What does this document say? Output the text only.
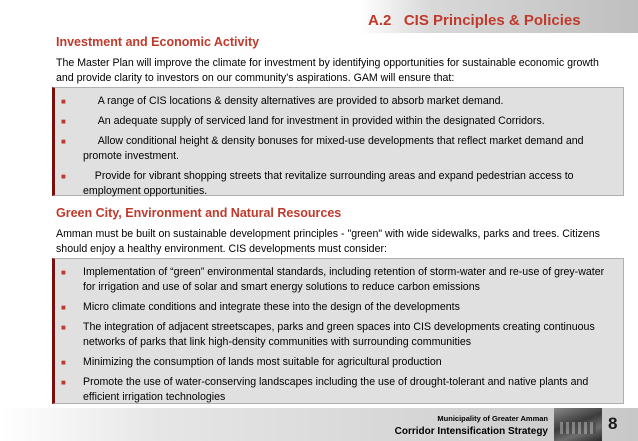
A.2   CIS Principles & Policies
Investment and Economic Activity
The Master Plan will improve the climate for investment by identifying opportunities for sustainable economic growth and provide clarity to investors on our community's aspirations. GAM will ensure that:
■	A range of CIS locations & density alternatives are provided to absorb market demand.
■	An adequate supply of serviced land for investment in provided within the designated Corridors.
■	Allow conditional height & density bonuses for mixed-use developments that reflect market demand and promote investment.
■	Provide for vibrant shopping streets that revitalize surrounding areas and expand pedestrian access to employment opportunities.
Green City, Environment and Natural Resources
Amman must be built on sustainable development principles - "green" with wide sidewalks, parks and trees. Citizens should enjoy a healthy environment. CIS developments must consider:
■	Implementation of “green” environmental standards, including retention of storm-water and re-use of grey-water for irrigation and use of solar and smart energy solutions to reduce carbon emissions
■	Micro climate conditions and integrate these into the design of the developments
■	The integration of adjacent streetscapes, parks and green spaces into CIS developments creating continuous networks of parks that link high-density communities with surrounding communities
■	Minimizing the consumption of lands most suitable for agricultural production
■	Promote the use of water-conserving landscapes including the use of drought-tolerant and native plants and efficient irrigation technologies
Municipality of Greater Amman
Corridor Intensification Strategy	8
